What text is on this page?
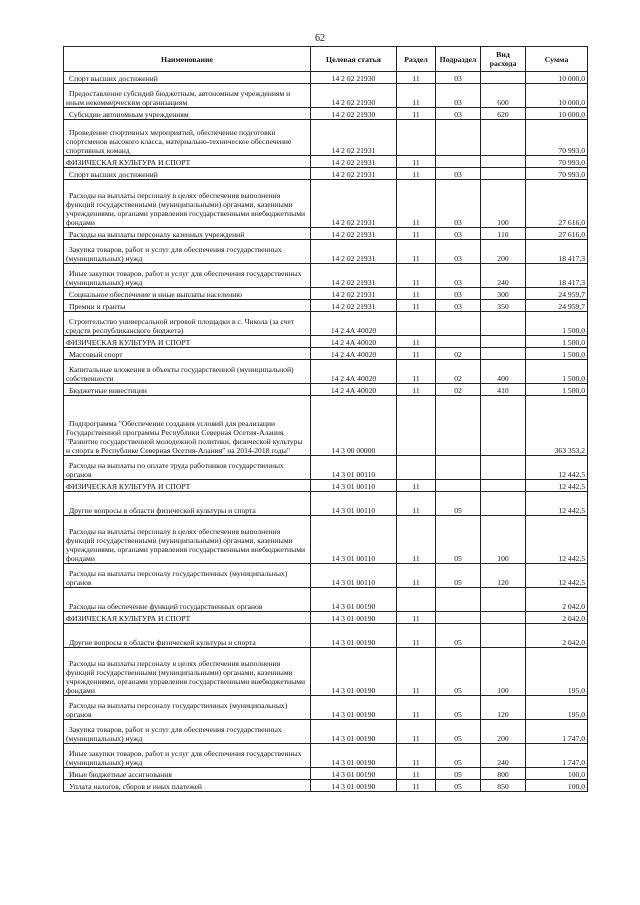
62
Наименование	Целевая статья	Раздел	Подраздел	Вид расхода	Сумма
Спорт высших достижений	14 2 02 21930	11	03		10 000,0
Предоставление субсидий бюджетным, автономным учреждениям и иным некоммерческим организациям	14 2 02 21930	11	03	600	10 000,0
Субсидии автономным учреждениям	14 2 02 21930	11	03	620	10 000,0
Проведение спортивных мероприятий, обеспечение подготовки спортсменов высокого класса, материально-техническое обеспечение спортивных команд	14 2 02 21931				70 993,0
ФИЗИЧЕСКАЯ КУЛЬТУРА И СПОРТ	14 2 02 21931	11			70 993,0
Спорт высших достижений	14 2 02 21931	11	03		70 993,0
Расходы на выплаты персоналу в целях обеспечения выполнения функций государственными (муниципальными) органами, казенными учреждениями, органами управления государственными внебюджетными фондами	14 2 02 21931	11	03	100	27 616,0
Расходы на выплаты персоналу казенных учреждений	14 2 02 21931	11	03	110	27 616,0
Закупка товаров, работ и услуг для обеспечения государственных (муниципальных) нужд	14 2 02 21931	11	03	200	18 417,3
Иные закупки товаров, работ и услуг для обеспечения государственных (муниципальных) нужд	14 2 02 21931	11	03	240	18 417,3
Социальное обеспечение и иные выплаты населению	14 2 02 21931	11	03	300	24 959,7
Премии и гранты	14 2 02 21931	11	03	350	24 959,7
Строительство универсальной игровой площадки в с. Чикола (за счет средств республиканского бюджета)	14 2 4А 40020				1 500,0
ФИЗИЧЕСКАЯ КУЛЬТУРА И СПОРТ	14 2 4А 40020	11			1 500,0
Массовый спорт	14 2 4А 40020	11	02		1 500,0
Капитальные вложения в объекты государственной (муниципальной) собственности	14 2 4А 40020	11	02	400	1 500,0
Бюджетные инвестиции	14 2 4А 40020	11	02	410	1 500,0
Подпрограмма "Обеспечение создания условий для реализации Государственной программы Республики Северная Осетия-Алания "Развитие государственной молодежной политики, физической культуры и спорта в Республике Северная Осетия-Алания" на 2014-2018 годы"	14 3 00 00000				363 353,2
Расходы на выплаты по оплате труда работников государственных органов	14 3 01 00110				12 442,5
ФИЗИЧЕСКАЯ КУЛЬТУРА И СПОРТ	14 3 01 00110	11			12 442,5
Другие вопросы в области физической культуры и спорта	14 3 01 00110	11	05		12 442,5
Расходы на выплаты персоналу в целях обеспечения выполнения функций государственными (муниципальными) органами, казенными учреждениями, органами управления государственными внебюджетными фондами	14 3 01 00110	11	05	100	12 442,5
Расходы на выплаты персоналу государственных (муниципальных) органов	14 3 01 00110	11	05	120	12 442,5
Расходы на обеспечение функций государственных органов	14 3 01 00190				2 042,0
ФИЗИЧЕСКАЯ КУЛЬТУРА И СПОРТ	14 3 01 00190	11			2 042,0
Другие вопросы в области физической культуры и спорта	14 3 01 00190	11	05		2 042,0
Расходы на выплаты персоналу в целях обеспечения выполнения функций государственными (муниципальными) органами, казенными учреждениями, органами управления государственными внебюджетными фондами	14 3 01 00190	11	05	100	195,0
Расходы на выплаты персоналу государственных (муниципальных) органов	14 3 01 00190	11	05	120	195,0
Закупка товаров, работ и услуг для обеспечения государственных (муниципальных) нужд	14 3 01 00190	11	05	200	1 747,0
Иные закупки товаров, работ и услуг для обеспечения государственных (муниципальных) нужд	14 3 01 00190	11	05	240	1 747,0
Иные бюджетные ассигнования	14 3 01 00190	11	05	800	100,0
Уплата налогов, сборов и иных платежей	14 3 01 00190	11	05	850	100,0
